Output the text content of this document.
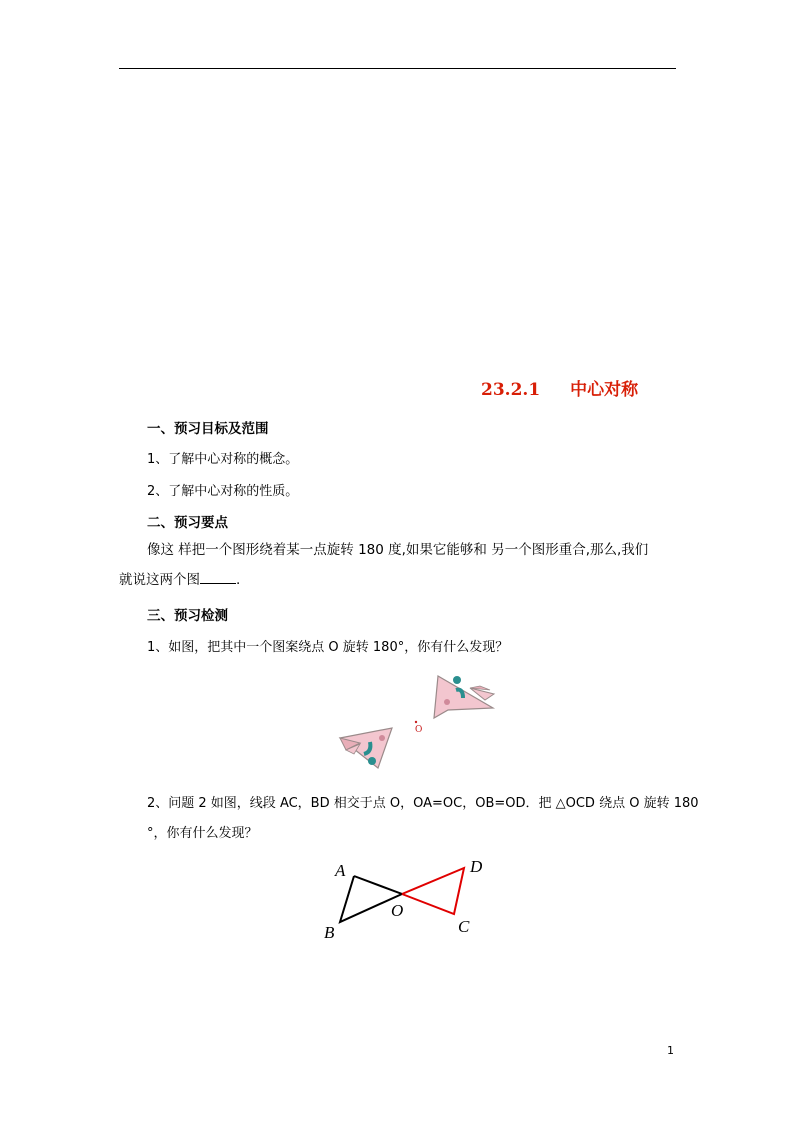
23.2.1 中心对称
一、预习目标及范围
1、了解中心对称的概念。
2、了解中心对称的性质。
二、预习要点
像这 样把一个图形绕着某一点旋转 180 度,如果它能够和 另一个图形重合,那么,我们
就说这两个图	.
三、预习检测
1、如图，把其中一个图案绕点 O 旋转 180°，你有什么发现？
O
2、问题 2 如图，线段 AC，BD 相交于点 O，OA=OC，OB=OD．把 △OCD 绕点 O 旋转 180
°，你有什么发现？
A
B
O
C
D
1
